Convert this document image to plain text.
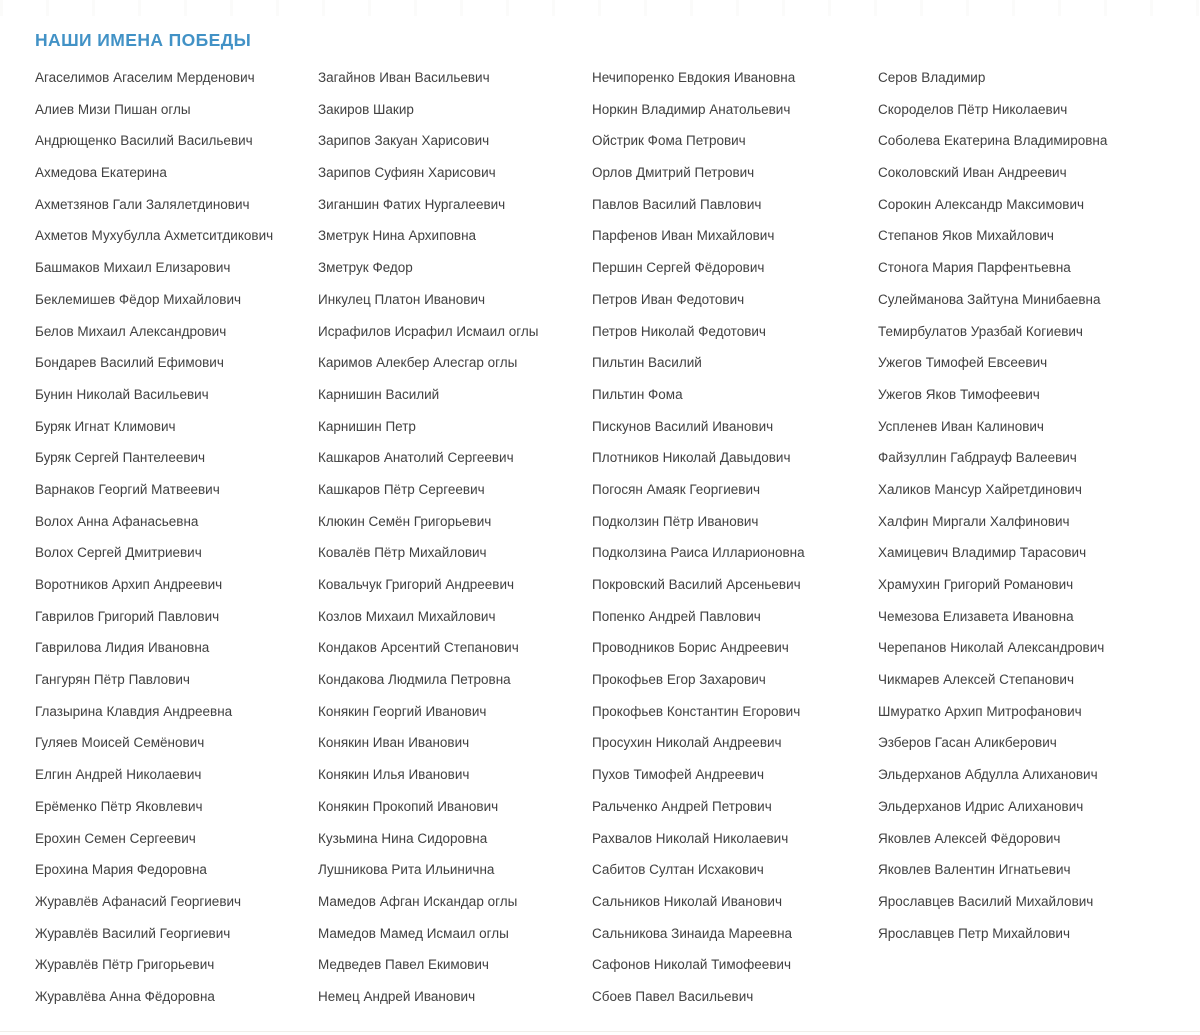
НАШИ ИМЕНА ПОБЕДЫ
Агаселимов Агаселим Мерденович
Алиев Мизи Пишан оглы
Андрющенко Василий Васильевич
Ахмедова Екатерина
Ахметзянов Гали Залялетдинович
Ахметов Мухубулла Ахметситдикович
Башмаков Михаил Елизарович
Беклемишев Фёдор Михайлович
Белов Михаил Александрович
Бондарев Василий Ефимович
Бунин Николай Васильевич
Буряк Игнат Климович
Буряк Сергей Пантелеевич
Варнаков Георгий Матвеевич
Волох Анна Афанасьевна
Волох Сергей Дмитриевич
Воротников Архип Андреевич
Гаврилов Григорий Павлович
Гаврилова Лидия Ивановна
Гангурян Пётр Павлович
Глазырина Клавдия Андреевна
Гуляев Моисей Семёнович
Елгин Андрей Николаевич
Ерёменко Пётр Яковлевич
Ерохин Семен Сергеевич
Ерохина Мария Федоровна
Журавлёв Афанасий Георгиевич
Журавлёв Василий Георгиевич
Журавлёв Пётр Григорьевич
Журавлёва Анна Фёдоровна
Загайнов Иван Васильевич
Закиров Шакир
Зарипов Закуан Харисович
Зарипов Суфиян Харисович
Зиганшин Фатих Нургалеевич
Зметрук Нина Архиповна
Зметрук Федор
Инкулец Платон Иванович
Исрафилов Исрафил Исмаил оглы
Каримов Алекбер Алесгар оглы
Карнишин Василий
Карнишин Петр
Кашкаров Анатолий Сергеевич
Кашкаров Пётр Сергеевич
Клюкин Семён Григорьевич
Ковалёв Пётр Михайлович
Ковальчук Григорий Андреевич
Козлов Михаил Михайлович
Кондаков Арсентий Степанович
Кондакова Людмила Петровна
Конякин Георгий Иванович
Конякин Иван Иванович
Конякин Илья Иванович
Конякин Прокопий Иванович
Кузьмина Нина Сидоровна
Лушникова Рита Ильинична
Мамедов Афган Искандар оглы
Мамедов Мамед Исмаил оглы
Медведев Павел Екимович
Немец Андрей Иванович
Нечипоренко Евдокия Ивановна
Норкин Владимир Анатольевич
Ойстрик Фома Петрович
Орлов Дмитрий Петрович
Павлов Василий Павлович
Парфенов Иван Михайлович
Першин Сергей Фёдорович
Петров Иван Федотович
Петров Николай Федотович
Пильтин Василий
Пильтин Фома
Пискунов Василий Иванович
Плотников Николай Давыдович
Погосян Амаяк Георгиевич
Подколзин Пётр Иванович
Подколзина Раиса Илларионовна
Покровский Василий Арсеньевич
Попенко Андрей Павлович
Проводников Борис Андреевич
Прокофьев Егор Захарович
Прокофьев Константин Егорович
Просухин Николай Андреевич
Пухов Тимофей Андреевич
Ральченко Андрей Петрович
Рахвалов Николай Николаевич
Сабитов Султан Исхакович
Сальников Николай Иванович
Сальникова Зинаида Мареевна
Сафонов Николай Тимофеевич
Сбоев Павел Васильевич
Серов Владимир
Скороделов Пётр Николаевич
Соболева Екатерина Владимировна
Соколовский Иван Андреевич
Сорокин Александр Максимович
Степанов Яков Михайлович
Стонога Мария Парфентьевна
Сулейманова Зайтуна Минибаевна
Темирбулатов Уразбай Когиевич
Ужегов Тимофей Евсеевич
Ужегов Яков Тимофеевич
Успленев Иван Калинович
Файзуллин Габдрауф Валеевич
Халиков Мансур Хайретдинович
Халфин Миргали Халфинович
Хамицевич Владимир Тарасович
Храмухин Григорий Романович
Чемезова Елизавета Ивановна
Черепанов Николай Александрович
Чикмарев Алексей Степанович
Шмуратко Архип Митрофанович
Эзберов Гасан Аликберович
Эльдерханов Абдулла Алиханович
Эльдерханов Идрис Алиханович
Яковлев Алексей Фёдорович
Яковлев Валентин Игнатьевич
Ярославцев Василий Михайлович
Ярославцев Петр Михайлович
